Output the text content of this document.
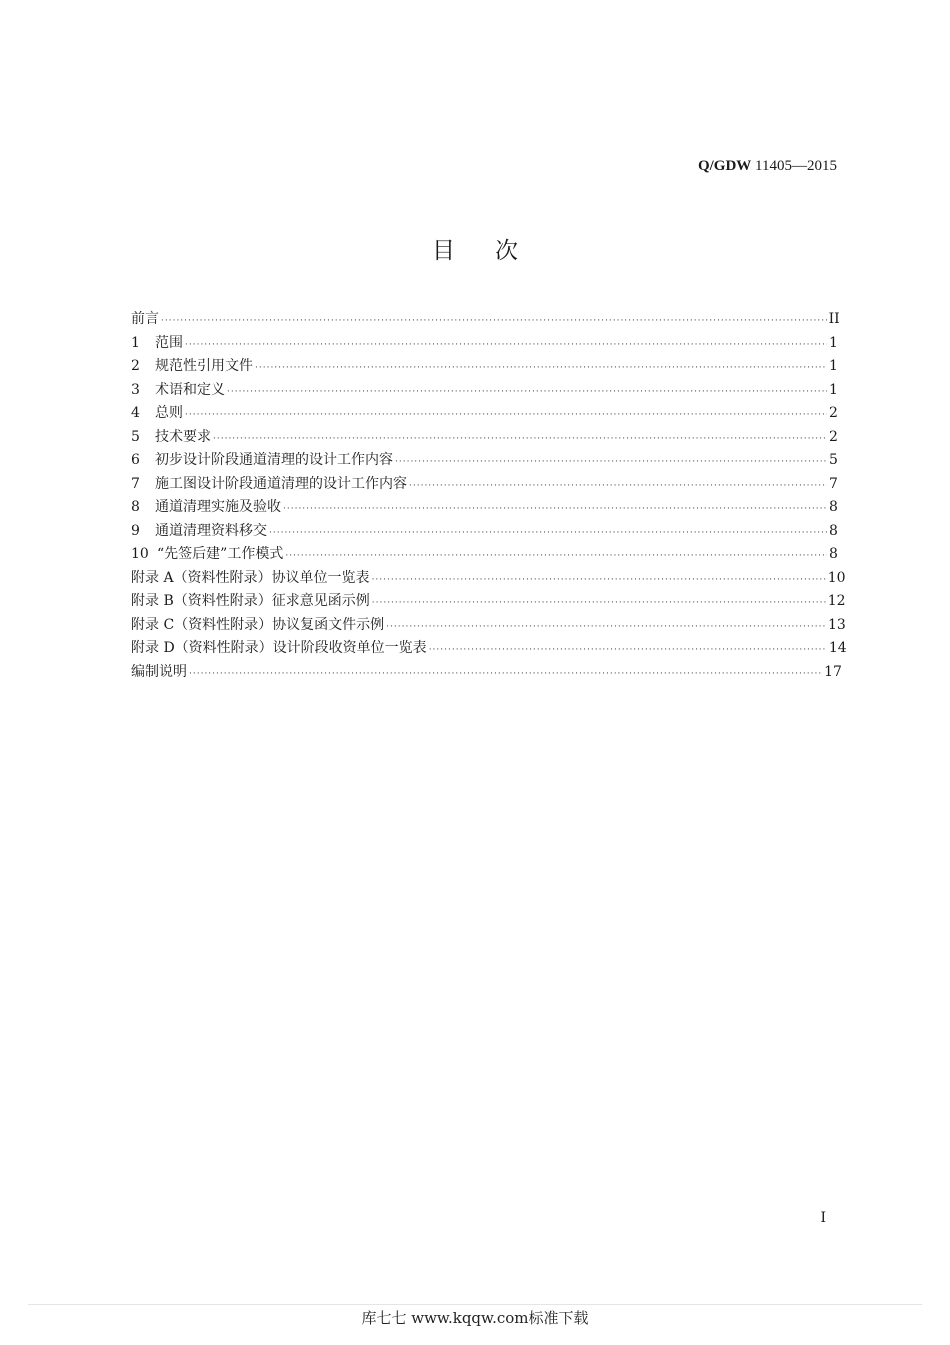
Q/GDW 11405—2015
目 次
前言 ·····	II
1	范围 ·····	1
2	规范性引用文件 ·····	1
3	术语和定义 ·····	1
4	总则 ·····	2
5	技术要求 ·····	2
6	初步设计阶段通道清理的设计工作内容 ·····	5
7	施工图设计阶段通道清理的设计工作内容 ·····	7
8	通道清理实施及验收 ·····	8
9	通道清理资料移交 ·····	8
10 “先签后建”工作模式 ·····	8
附录 A（资料性附录） 协议单位一览表 ·····	10
附录 B（资料性附录） 征求意见函示例 ·····	12
附录 C（资料性附录） 协议复函文件示例 ·····	13
附录 D（资料性附录） 设计阶段收资单位一览表 ·····	14
编制说明 ·····	17
I
库七七 www.kqqw.com标准下载
